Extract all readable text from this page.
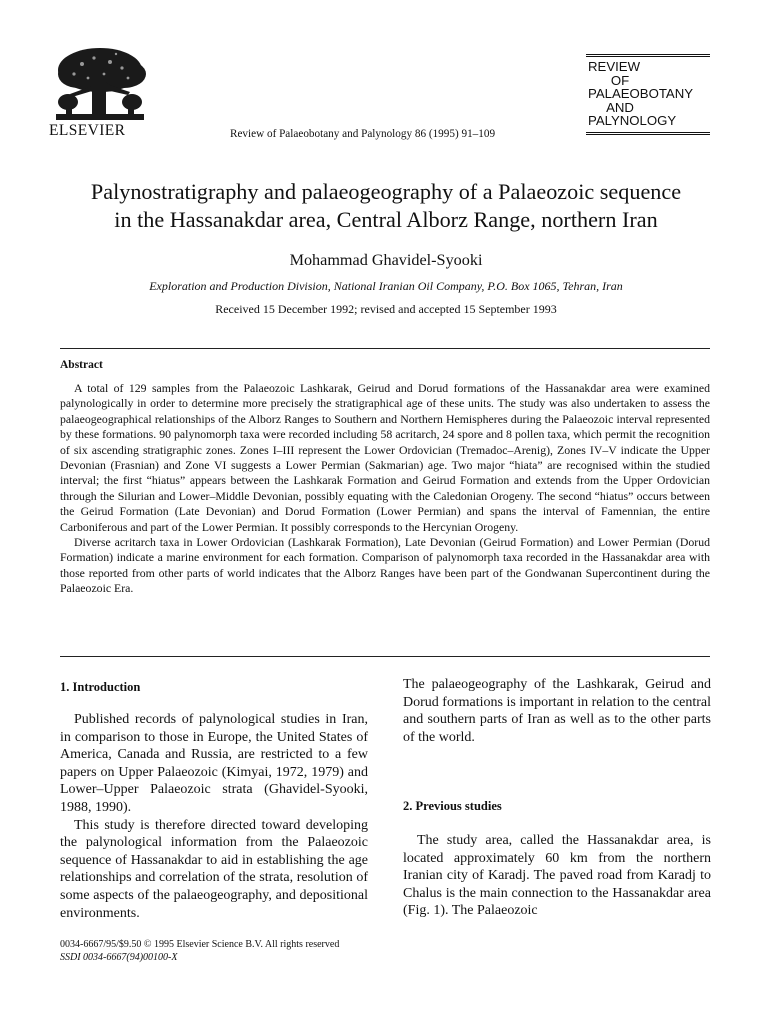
ELSEVIER	Review of Palaeobotany and Palynology 86 (1995) 91–109
REVIEW
OF
PALAEOBOTANY
AND
PALYNOLOGY
Palynostratigraphy and palaeogeography of a Palaeozoic sequence
in the Hassanakdar area, Central Alborz Range, northern Iran
Mohammad Ghavidel-Syooki
Exploration and Production Division, National Iranian Oil Company, P.O. Box 1065, Tehran, Iran
Received 15 December 1992; revised and accepted 15 September 1993
Abstract

A total of 129 samples from the Palaeozoic Lashkarak, Geirud and Dorud formations of the Hassanakdar area were examined palynologically in order to determine more precisely the stratigraphical age of these units. The study was also undertaken to assess the palaeogeographical relationships of the Alborz Ranges to Southern and Northern Hemispheres during the Palaeozoic interval represented by these formations. 90 palynomorph taxa were recorded including 58 acritarch, 24 spore and 8 pollen taxa, which permit the recognition of six ascending stratigraphic zones. Zones I–III represent the Lower Ordovician (Tremadoc–Arenig), Zones IV–V indicate the Upper Devonian (Frasnian) and Zone VI suggests a Lower Permian (Sakmarian) age. Two major “hiata” are recognised within the studied interval; the first “hiatus” appears between the Lashkarak Formation and Geirud Formation and extends from the Upper Ordovician through the Silurian and Lower–Middle Devonian, possibly equating with the Caledonian Orogeny. The second “hiatus” occurs between the Geirud Formation (Late Devonian) and Dorud Formation (Lower Permian) and spans the interval of Famennian, the entire Carboniferous and part of the Lower Permian. It possibly corresponds to the Hercynian Orogeny.

Diverse acritarch taxa in Lower Ordovician (Lashkarak Formation), Late Devonian (Geirud Formation) and Lower Permian (Dorud Formation) indicate a marine environment for each formation. Comparison of palynomorph taxa recorded in the Hassanakdar area with those reported from other parts of world indicates that the Alborz Ranges have been part of the Gondwanan Supercontinent during the Palaeozoic Era.

1. Introduction

Published records of palynological studies in Iran, in comparison to those in Europe, the United States of America, Canada and Russia, are restricted to a few papers on Upper Palaeozoic (Kimyai, 1972, 1979) and Lower–Upper Palaeozoic strata (Ghavidel-Syooki, 1988, 1990).

This study is therefore directed toward developing the palynological information from the Palaeozoic sequence of Hassanakdar to aid in establishing the age relationships and correlation of the strata, resolution of some aspects of the palaeogeography, and depositional environments.

The palaeogeography of the Lashkarak, Geirud and Dorud formations is important in relation to the central and southern parts of Iran as well as to the other parts of the world.

2. Previous studies

The study area, called the Hassanakdar area, is located approximately 60 km from the northern Iranian city of Karadj. The paved road from Karadj to Chalus is the main connection to the Hassanakdar area (Fig. 1). The Palaeozoic

0034-6667/95/$9.50 © 1995 Elsevier Science B.V. All rights reserved
SSDI 0034-6667(94)00100-X
